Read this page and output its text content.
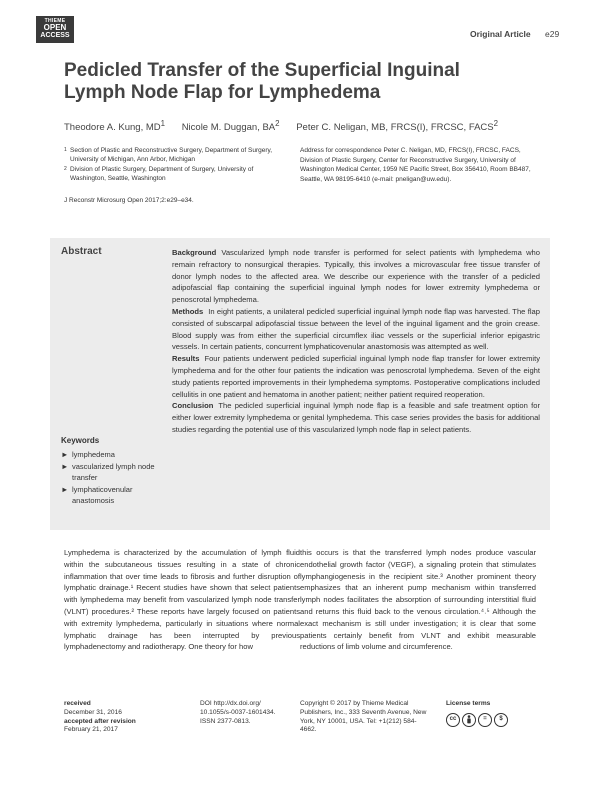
THIEME
OPEN
ACCESS	Original Article e29
Pedicled Transfer of the Superficial Inguinal
Lymph Node Flap for Lymphedema
Theodore A. Kung, $MD^1$ Nicole M. Duggan, $BA^2$ Peter C. Neligan, MB, FRCS(I), FRCSC, FACS$^2$
1 Section of Plastic and Reconstructive Surgery, Department of Surgery, University of Michigan, Ann Arbor, Michigan
2 Division of Plastic Surgery, Department of Surgery, University of Washington, Seattle, Washington
J Reconstr Microsurg Open 2017;2:e29–e34.
Address for correspondence Peter C. Neligan, MD, FRCS(I), FRCSC, FACS, Division of Plastic Surgery, Center for Reconstructive Surgery, University of Washington Medical Center, 1959 NE Pacific Street, Box 356410, Room BB487, Seattle, WA 98195-6410 (e-mail: pneligan@uw.edu).
Abstract	Background Vascularized lymph node transfer is performed for select patients with lymphedema who remain refractory to nonsurgical therapies. Typically, this involves a microvascular free tissue transfer of donor lymph nodes to the affected area. We describe our experience with the transfer of a pedicled adipofascial flap containing the superficial inguinal lymph nodes for lower extremity lymphedema or penoscrotal lymphedema.
Methods In eight patients, a unilateral pedicled superficial inguinal lymph node flap was harvested. The flap consisted of subscarpal adipofascial tissue between the level of the inguinal ligament and the groin crease. Blood supply was from either the superficial circumflex iliac vessels or the superficial inferior epigastric vessels. In certain patients, concurrent lymphaticovenular anastomosis was attempted as well.
Results Four patients underwent pedicled superficial inguinal lymph node flap transfer for lower extremity lymphedema and for the other four patients the indication was penoscrotal lymphedema. Seven of the eight study patients reported improvements in their lymphedema symptoms. Postoperative complications included cellulitis in one patient and hematoma in another patient; neither patient required reoperation.
Conclusion The pedicled superficial inguinal lymph node flap is a feasible and safe treatment option for either lower extremity lymphedema or genital lymphedema. This case series provides the basis for additional studies regarding the potential use of this vascularized lymph node flap in select patients.
Keywords
► lymphedema
► vascularized lymph node transfer
► lymphaticovenular anastomosis
Lymphedema is characterized by the accumulation of lymph fluid within the subcutaneous tissues resulting in a state of chronic inflammation that over time leads to fibrosis and further disruption of lymphatic drainage.¹ Recent studies have shown that select patients with lymphedema may benefit from vascularized lymph node transfer (VLNT) procedures.² These reports have largely focused on patients with extremity lymphedema, particularly in situations where normal lymphatic drainage has been interrupted by previous lymphadenectomy and radiotherapy. One theory for how
this occurs is that the transferred lymph nodes produce vascular endothelial growth factor (VEGF), a signaling protein that stimulates lymphangiogenesis in the recipient site.³ Another prominent theory emphasizes that an inherent pump mechanism within transferred lymph nodes facilitates the absorption of surrounding interstitial fluid and returns this fluid back to the venous circulation.⁴˒⁵ Although the exact mechanism is still under investigation; it is clear that some patients certainly benefit from VLNT and exhibit measurable reductions of limb volume and circumference.
received
December 31, 2016
accepted after revision
February 21, 2017
DOI http://dx.doi.org/
10.1055/s-0037-1601434.
ISSN 2377-0813.
Copyright © 2017 by Thieme Medical Publishers, Inc., 333 Seventh Avenue, New York, NY 10001, USA. Tel: +1(212) 584-4662.
License terms
cc	=	$
